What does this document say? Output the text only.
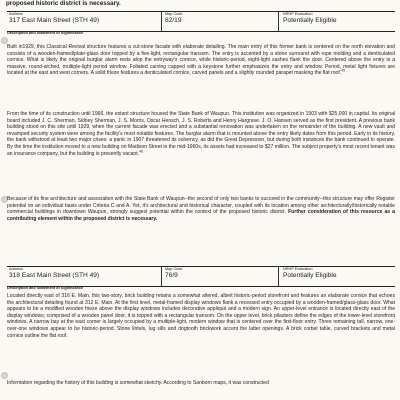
proposed historic district is necessary.
Address
317 East Main Street (STH 49)
Map Code
82/19
NRHP Evaluation
Potentially Eligible
Description and Statement of Significance

Built in1929, this Classical Revival structure features a cut-stone facade with elaborate detailing. The main entry of this former bank is centered on the north elevation and consists of a wooden-framed/plate-glass door topped by a five-light, rectangular transom. The entry is accented by a stone surround with rope molding and a denticulated cornice. What is likely the original burglar alarm rests atop the entryway's cornice, while historic-period, eight-light sashes flank the door. Centered above the entry is a massive, round-arched, multiple-light period window. Foliated carving capped with a keystone further emphasizes the entry and window. Period, metal light fixtures are located at the east and west corners. A solid frieze features a denticulated cornice, carved panels and a slightly rounded parapet masking the flat roof.$^{45}$

From the time of its construction until 1966, the extant structure housed the State Bank of Waupun. This institution was organized in 1903 with $25,000 in capital. Its original board included J. C. Sherman, Sidney Sherman, J. S. Morris, Oscar Hensch, J. S. Roberts and Henry Hargrave. J. O. Hansen served as the first president. A previous bank building stood on this site until 1929, when the current facade was erected and a substantial renovation was undertaken on the remainder of the building. A new vault and revamped security system were among the facility's most notable features. The burglar alarm that is mounted above the entry likely dates from this period. Early in its history, the bank withstood at least two major crises: a panic in 1907 threatened its solvency, as did the Great Depression, but during both instances the bank continued to operate. By the time the institution moved to a new building on Madison Street in the mid-1960s, its assets had increased to $27 million. The subject property's most recent tenant was an insurance company, but the building is presently vacant.$^{46}$

Because of its fine architecture and association with the State Bank of Waupun--the second of only two banks to succeed in the community--this structure may offer Register potential on an individual basis under Criteria C and A. Yet, it's architectural and historical character, coupled with its location among other architecturally/historically notable commercial buildings in downtown Waupun, strongly suggest potential within the context of the proposed historic district. Further consideration of this resource as a contributing element within the proposed district is necessary.

Address
318 East Main Street (STH 49)
Map Code
76/9
NRHP Evaluation
Potentially Eligible
Description and Statement of Significance

Located directly east of 316 E. Main, this two-story, brick building retains a somewhat altered, albeit historic-period storefront and features an elaborate cornice that echoes the architectural detailing found at 312 E. Main. At the first level, metal-framed display windows flank a recessed entry occupied by a wooden-framed/glass-glass door. What appears to be a modified wooden frieze above the display windows includes decorative appliqué and a modern sign. An upper-level entrance is located directly east of the display windows; comprised of a wooden panel door, it is topped with a rectangular transom. On the upper level, brick pilasters define the edges of the lower-level storefront windows. A narrow bay at the east corner is largely occupied by a multiple-light, modern window that is centered over the first-floor entry. Three remaining tall, narrow, one-over-one windows appear to be historic-period. Stone lintels, lug sills and dogtooth brickwork accent the latter openings. A brick corbel table, curved brackets and metal cornice outline the flat roof.

Information regarding the history of this building is somewhat sketchy. According to Sanborn maps, it was constructed
